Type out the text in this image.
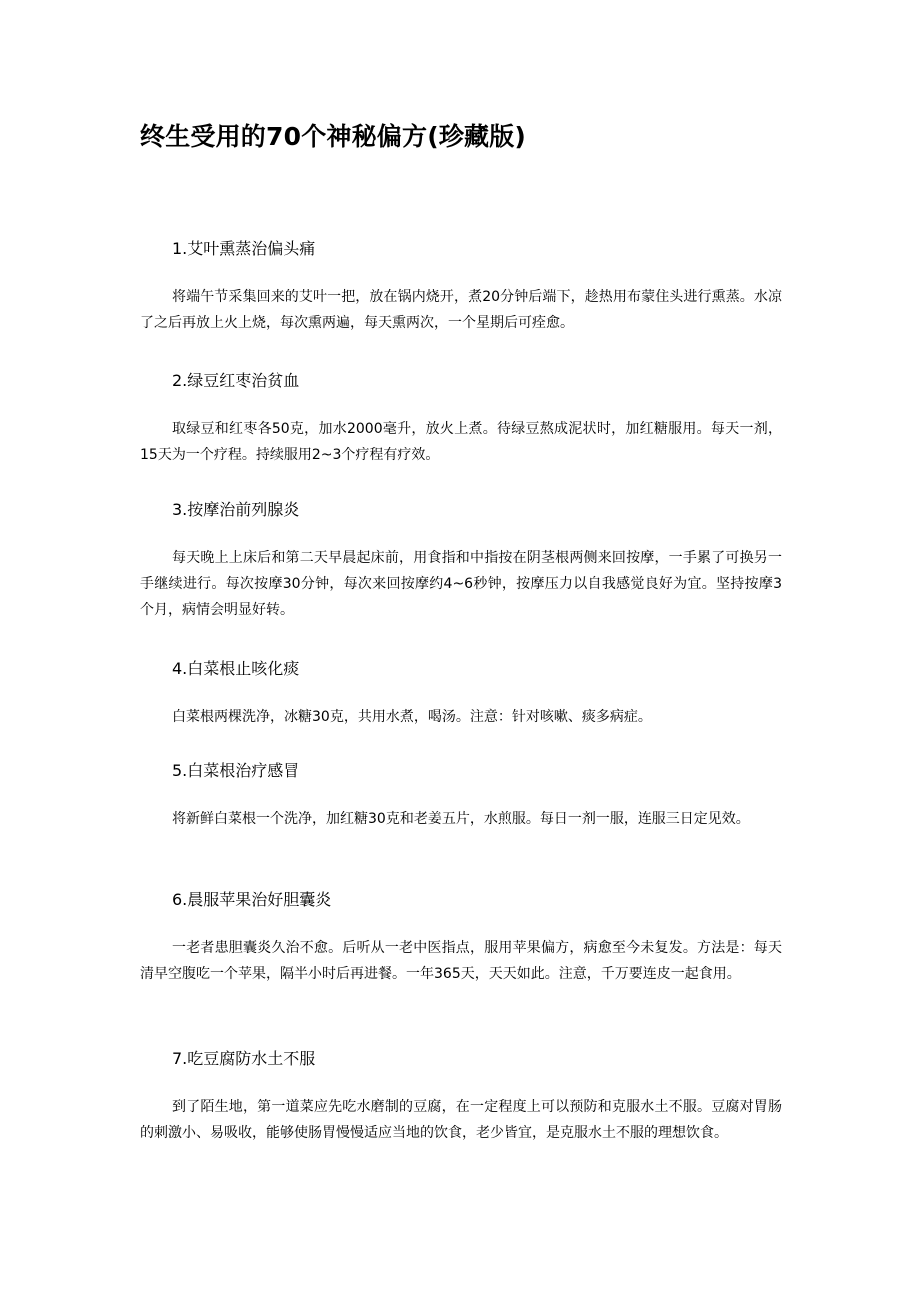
终生受用的70个神秘偏方(珍藏版)
1.艾叶熏蒸治偏头痛

将端午节采集回来的艾叶一把，放在锅内烧开，煮20分钟后端下，趁热用布蒙住头进行熏蒸。水凉了之后再放上火上烧，每次熏两遍，每天熏两次，一个星期后可痊愈。

2.绿豆红枣治贫血

取绿豆和红枣各50克，加水2000毫升，放火上煮。待绿豆熬成泥状时，加红糖服用。每天一剂，15天为一个疗程。持续服用2~3个疗程有疗效。

3.按摩治前列腺炎

每天晚上上床后和第二天早晨起床前，用食指和中指按在阴茎根两侧来回按摩，一手累了可换另一手继续进行。每次按摩30分钟，每次来回按摩约4~6秒钟，按摩压力以自我感觉良好为宜。坚持按摩3个月，病情会明显好转。

4.白菜根止咳化痰

白菜根两棵洗净，冰糖30克，共用水煮，喝汤。注意：针对咳嗽、痰多病症。

5.白菜根治疗感冒

将新鲜白菜根一个洗净，加红糖30克和老姜五片，水煎服。每日一剂一服，连服三日定见效。

6.晨服苹果治好胆囊炎

一老者患胆囊炎久治不愈。后听从一老中医指点，服用苹果偏方，病愈至今未复发。方法是：每天清早空腹吃一个苹果，隔半小时后再进餐。一年365天，天天如此。注意，千万要连皮一起食用。

7.吃豆腐防水土不服

到了陌生地，第一道菜应先吃水磨制的豆腐，在一定程度上可以预防和克服水土不服。豆腐对胃肠的刺激小、易吸收，能够使肠胃慢慢适应当地的饮食，老少皆宜，是克服水土不服的理想饮食。
